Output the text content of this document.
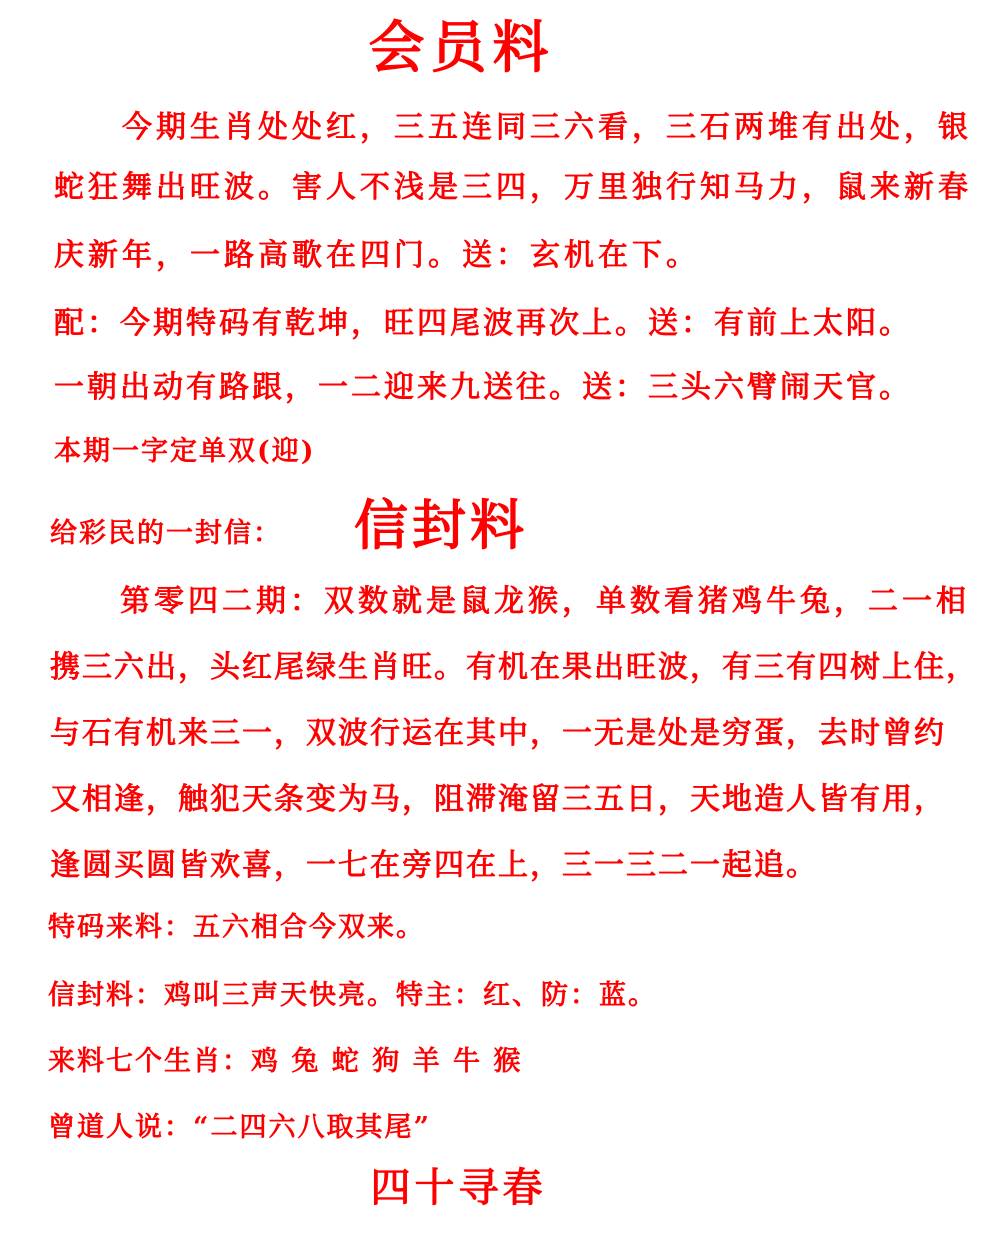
会员料
今期生肖处处红，三五连同三六看，三石两堆有出处，银
蛇狂舞出旺波。害人不浅是三四，万里独行知马力，鼠来新春
庆新年，一路高歌在四门。送：玄机在下。
配：今期特码有乾坤，旺四尾波再次上。送：有前上太阳。
一朝出动有路跟，一二迎来九送往。送：三头六臂闹天官。
本期一字定单双(迎)
给彩民的一封信：	信封料
第零四二期：双数就是鼠龙猴，单数看猪鸡牛兔，二一相
携三六出，头红尾绿生肖旺。有机在果出旺波，有三有四树上住，
与石有机来三一，双波行运在其中，一无是处是穷蛋，去时曾约
又相逢，触犯天条变为马，阻滞淹留三五日，天地造人皆有用，
逢圆买圆皆欢喜，一七在旁四在上，三一三二一起追。
特码来料：五六相合今双来。
信封料：鸡叫三声天快亮。特主：红、防：蓝。
来料七个生肖：鸡 兔 蛇 狗 羊 牛 猴
曾道人说：“二四六八取其尾”
四十寻春
